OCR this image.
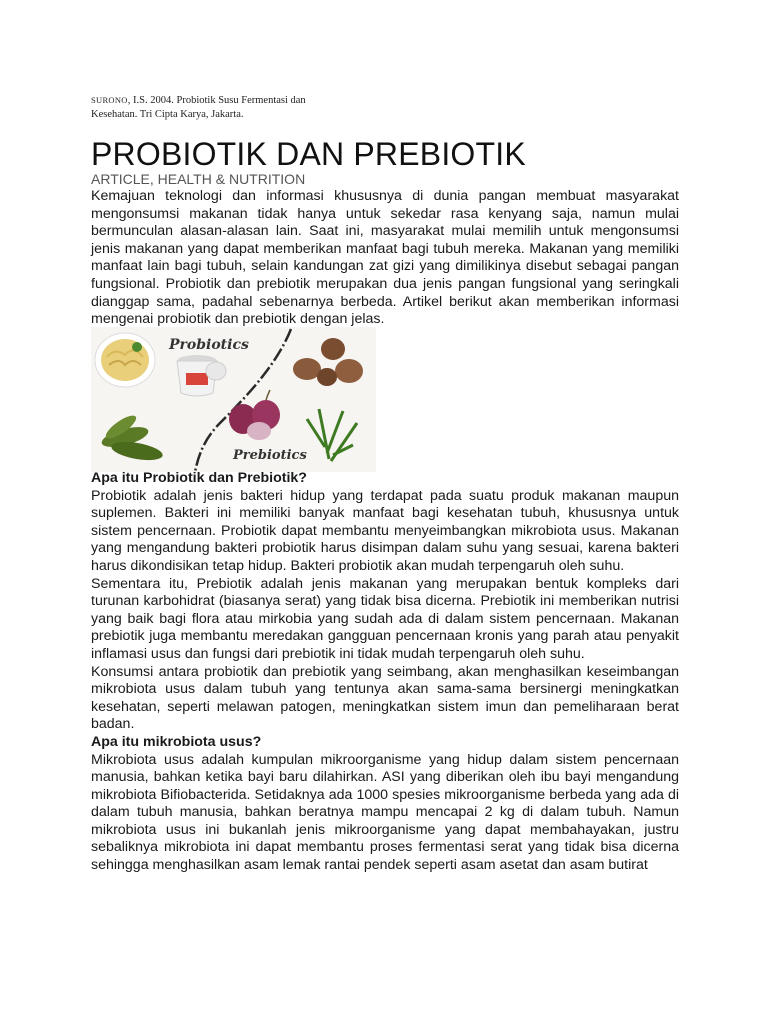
SURONO, I.S. 2004. Probiotik Susu Fermentasi dan
Kesehatan. Tri Cipta Karya, Jakarta.
PROBIOTIK DAN PREBIOTIK
ARTICLE, HEALTH & NUTRITION

Kemajuan teknologi dan informasi khususnya di dunia pangan membuat masyarakat mengonsumsi makanan tidak hanya untuk sekedar rasa kenyang saja, namun mulai bermunculan alasan-alasan lain. Saat ini, masyarakat mulai memilih untuk mengonsumsi jenis makanan yang dapat memberikan manfaat bagi tubuh mereka. Makanan yang memiliki manfaat lain bagi tubuh, selain kandungan zat gizi yang dimilikinya disebut sebagai pangan fungsional. Probiotik dan prebiotik merupakan dua jenis pangan fungsional yang seringkali dianggap sama, padahal sebenarnya berbeda. Artikel berikut akan memberikan informasi mengenai probiotik dan prebiotik dengan jelas.

Probiotics
Prebiotics

Apa itu Probiotik dan Prebiotik?

Probiotik adalah jenis bakteri hidup yang terdapat pada suatu produk makanan maupun suplemen. Bakteri ini memiliki banyak manfaat bagi kesehatan tubuh, khususnya untuk sistem pencernaan. Probiotik dapat membantu menyeimbangkan mikrobiota usus. Makanan yang mengandung bakteri probiotik harus disimpan dalam suhu yang sesuai, karena bakteri harus dikondisikan tetap hidup. Bakteri probiotik akan mudah terpengaruh oleh suhu.

Sementara itu, Prebiotik adalah jenis makanan yang merupakan bentuk kompleks dari turunan karbohidrat (biasanya serat) yang tidak bisa dicerna. Prebiotik ini memberikan nutrisi yang baik bagi flora atau mirkobia yang sudah ada di dalam sistem pencernaan. Makanan prebiotik juga membantu meredakan gangguan pencernaan kronis yang parah atau penyakit inflamasi usus dan fungsi dari prebiotik ini tidak mudah terpengaruh oleh suhu.

Konsumsi antara probiotik dan prebiotik yang seimbang, akan menghasilkan keseimbangan mikrobiota usus dalam tubuh yang tentunya akan sama-sama bersinergi meningkatkan kesehatan, seperti melawan patogen, meningkatkan sistem imun dan pemeliharaan berat badan.

Apa itu mikrobiota usus?

Mikrobiota usus adalah kumpulan mikroorganisme yang hidup dalam sistem pencernaan manusia, bahkan ketika bayi baru dilahirkan. ASI yang diberikan oleh ibu bayi mengandung mikrobiota Bifiobacterida. Setidaknya ada 1000 spesies mikroorganisme berbeda yang ada di dalam tubuh manusia, bahkan beratnya mampu mencapai 2 kg di dalam tubuh. Namun mikrobiota usus ini bukanlah jenis mikroorganisme yang dapat membahayakan, justru sebaliknya mikrobiota ini dapat membantu proses fermentasi serat yang tidak bisa dicerna sehingga menghasilkan asam lemak rantai pendek seperti asam asetat dan asam butirat
